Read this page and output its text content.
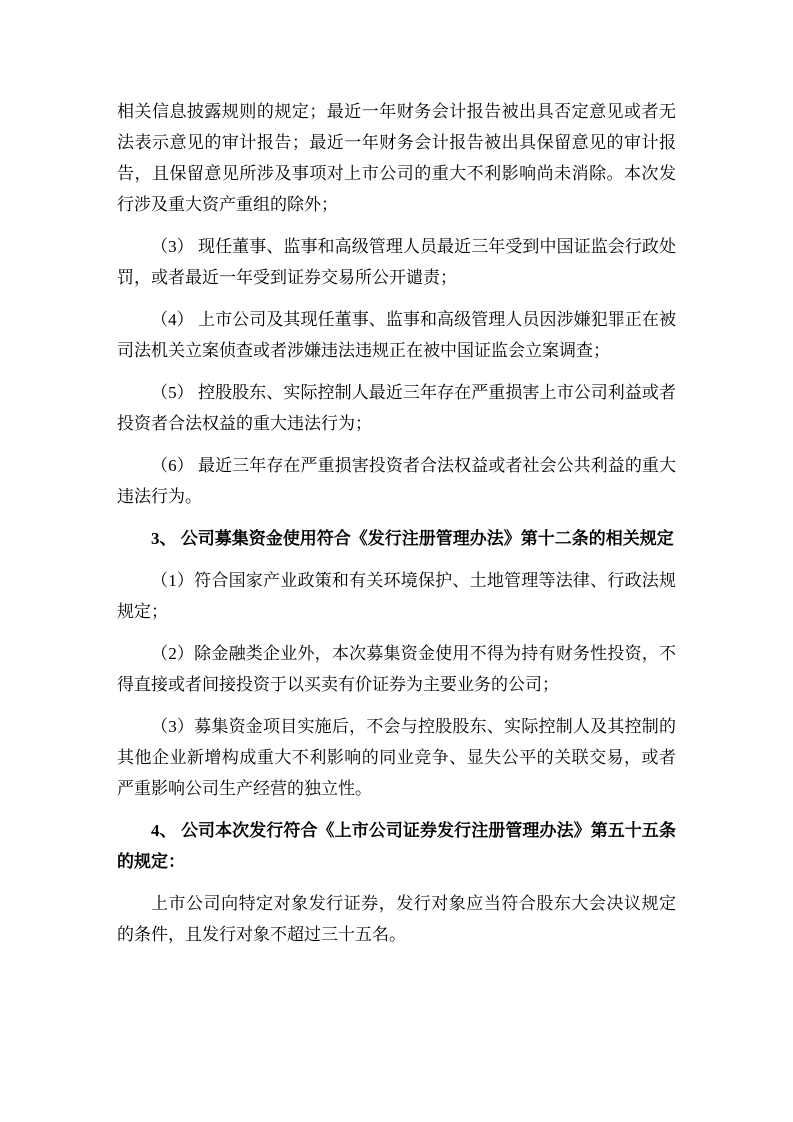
相关信息披露规则的规定；最近一年财务会计报告被出具否定意见或者无法表示意见的审计报告；最近一年财务会计报告被出具保留意见的审计报告，且保留意见所涉及事项对上市公司的重大不利影响尚未消除。本次发行涉及重大资产重组的除外；

（3） 现任董事、监事和高级管理人员最近三年受到中国证监会行政处罚，或者最近一年受到证券交易所公开谴责；

（4） 上市公司及其现任董事、监事和高级管理人员因涉嫌犯罪正在被司法机关立案侦查或者涉嫌违法违规正在被中国证监会立案调查；

（5） 控股股东、实际控制人最近三年存在严重损害上市公司利益或者投资者合法权益的重大违法行为；

（6） 最近三年存在严重损害投资者合法权益或者社会公共利益的重大违法行为。

3、 公司募集资金使用符合《发行注册管理办法》第十二条的相关规定

（1）符合国家产业政策和有关环境保护、土地管理等法律、行政法规规定；

（2）除金融类企业外，本次募集资金使用不得为持有财务性投资，不得直接或者间接投资于以买卖有价证券为主要业务的公司；

（3）募集资金项目实施后，不会与控股股东、实际控制人及其控制的其他企业新增构成重大不利影响的同业竞争、显失公平的关联交易，或者严重影响公司生产经营的独立性。

4、 公司本次发行符合《上市公司证券发行注册管理办法》第五十五条的规定：

上市公司向特定对象发行证券，发行对象应当符合股东大会决议规定的条件，且发行对象不超过三十五名。
